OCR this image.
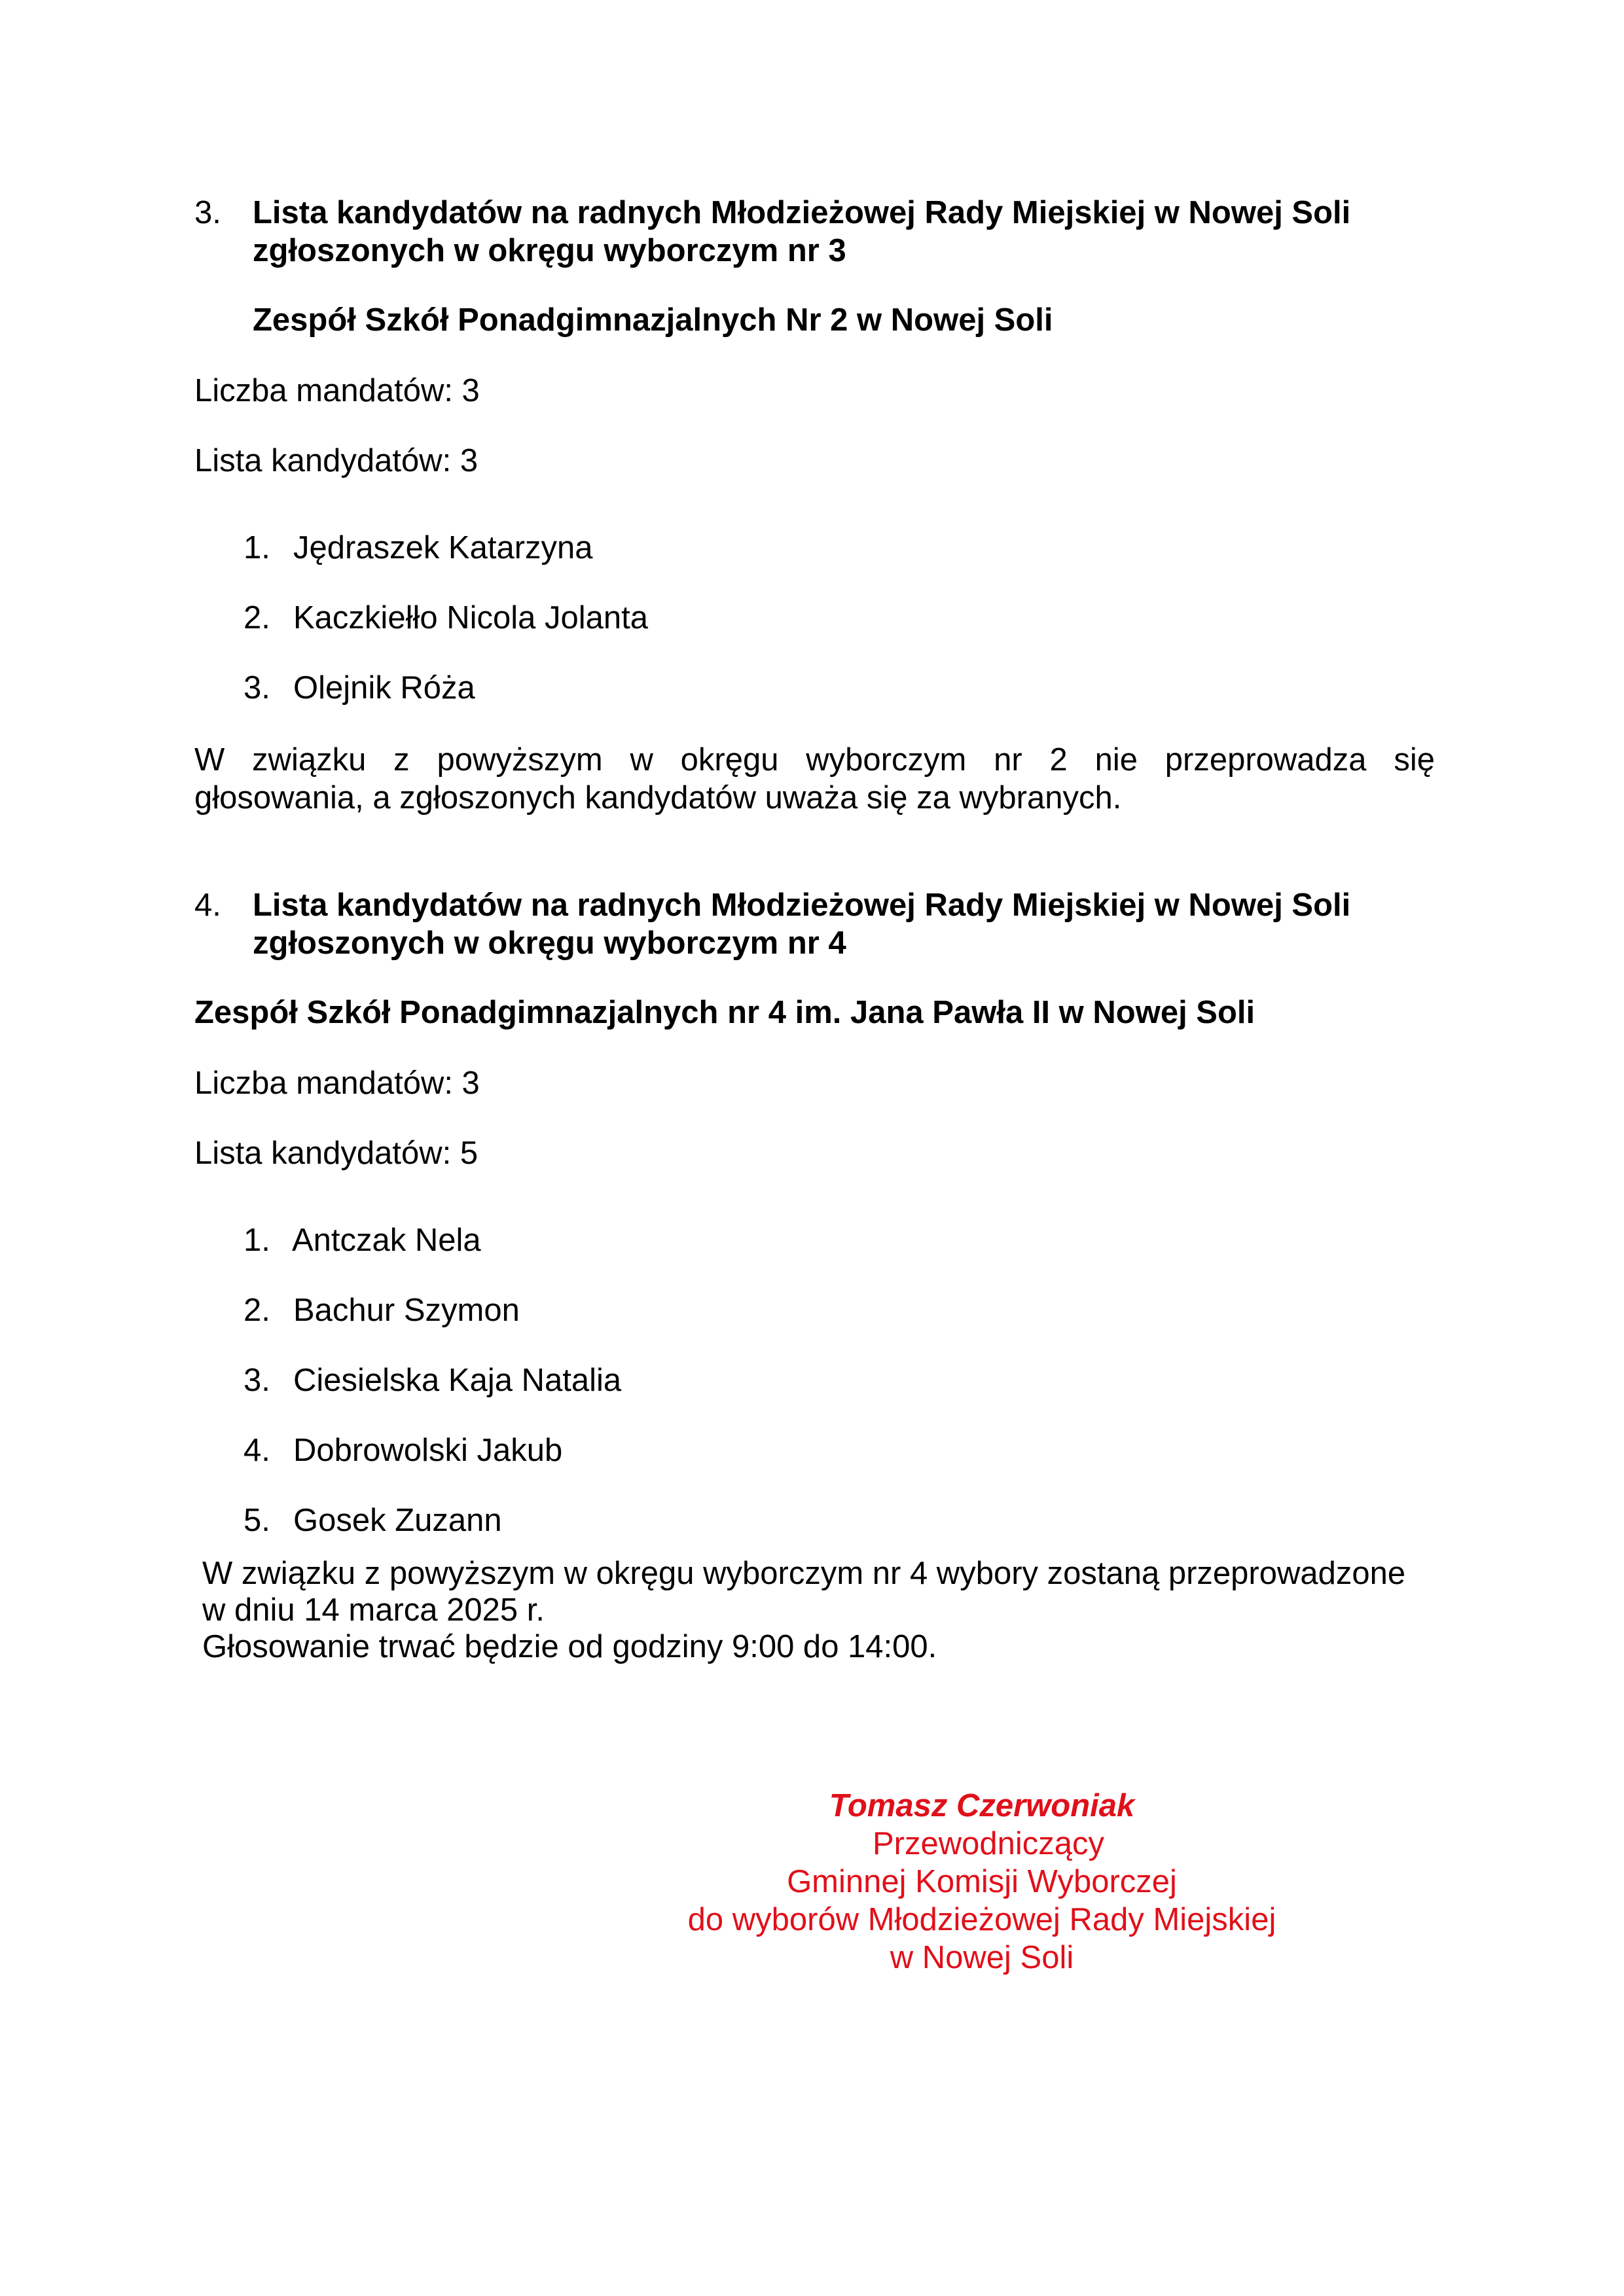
3. Lista kandydatów na radnych Młodzieżowej Rady Miejskiej w Nowej Soli
zgłoszonych w okręgu wyborczym nr 3
Zespół Szkół Ponadgimnazjalnych Nr 2 w Nowej Soli
Liczba mandatów: 3
Lista kandydatów: 3
1. Jędraszek Katarzyna
2. Kaczkiełło Nicola Jolanta
3. Olejnik Róża
W związku z powyższym w okręgu wyborczym nr 2 nie przeprowadza się
głosowania, a zgłoszonych kandydatów uważa się za wybranych.
4. Lista kandydatów na radnych Młodzieżowej Rady Miejskiej w Nowej Soli
zgłoszonych w okręgu wyborczym nr 4
Zespół Szkół Ponadgimnazjalnych nr 4 im. Jana Pawła II w Nowej Soli
Liczba mandatów: 3
Lista kandydatów: 5
1. Antczak Nela
2. Bachur Szymon
3. Ciesielska Kaja Natalia
4. Dobrowolski Jakub
5. Gosek Zuzann
W związku z powyższym w okręgu wyborczym nr 4 wybory zostaną przeprowadzone
w dniu 14 marca 2025 r.
Głosowanie trwać będzie od godziny 9:00 do 14:00.
Tomasz Czerwoniak
Przewodniczący
Gminnej Komisji Wyborczej
do wyborów Młodzieżowej Rady Miejskiej
w Nowej Soli
